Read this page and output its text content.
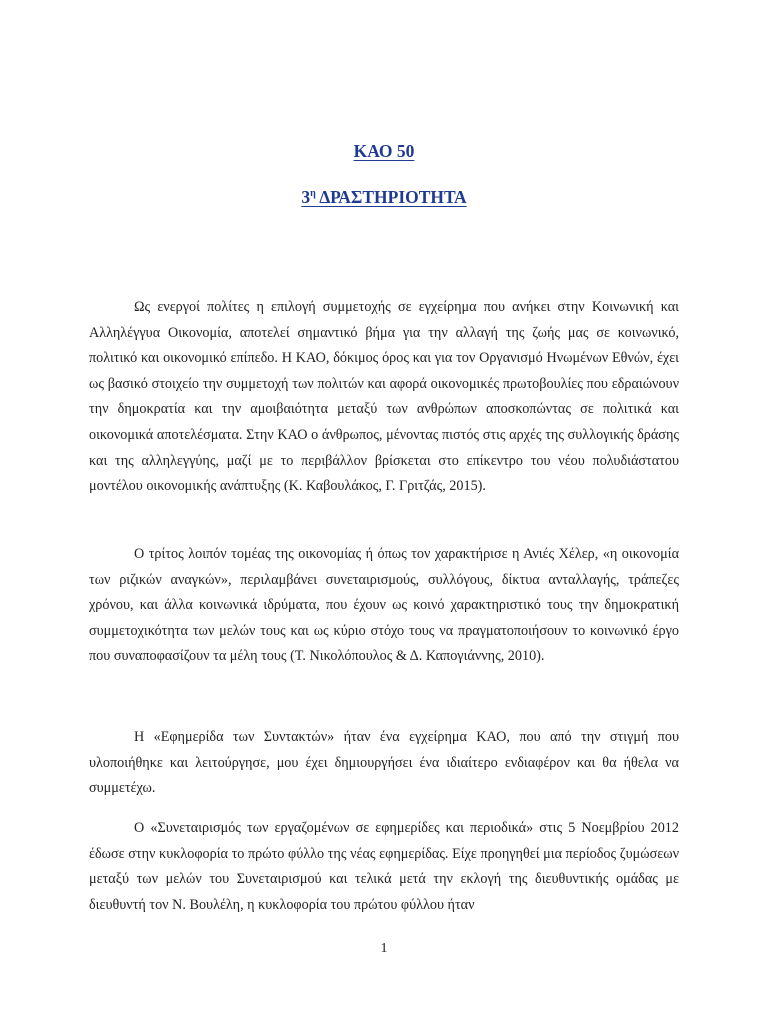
ΚΑΟ 50
$3^\eta$ ΔΡΑΣΤΗΡΙΟΤΗΤΑ

Ως ενεργοί πολίτες η επιλογή συμμετοχής σε εγχείρημα που ανήκει στην Κοινωνική και Αλληλέγγυα Οικονομία, αποτελεί σημαντικό βήμα για την αλλαγή της ζωής μας σε κοινωνικό, πολιτικό και οικονομικό επίπεδο. Η ΚΑΟ, δόκιμος όρος και για τον Οργανισμό Ηνωμένων Εθνών, έχει ως βασικό στοιχείο την συμμετοχή των πολιτών και αφορά οικονομικές πρωτοβουλίες που εδραιώνουν την δημοκρατία και την αμοιβαιότητα μεταξύ των ανθρώπων αποσκοπώντας σε πολιτικά και οικονομικά αποτελέσματα. Στην ΚΑΟ ο άνθρωπος, μένοντας πιστός στις αρχές της συλλογικής δράσης και της αλληλεγγύης, μαζί με το περιβάλλον βρίσκεται στο επίκεντρο του νέου πολυδιάστατου μοντέλου οικονομικής ανάπτυξης (Κ. Καβουλάκος, Γ. Γριτζάς, 2015).

Ο τρίτος λοιπόν τομέας της οικονομίας ή όπως τον χαρακτήρισε η Ανιές Χέλερ, «η οικονομία των ριζικών αναγκών», περιλαμβάνει συνεταιρισμούς, συλλόγους, δίκτυα ανταλλαγής, τράπεζες χρόνου, και άλλα κοινωνικά ιδρύματα, που έχουν ως κοινό χαρακτηριστικό τους την δημοκρατική συμμετοχικότητα των μελών τους και ως κύριο στόχο τους να πραγματοποιήσουν το κοινωνικό έργο που συναποφασίζουν τα μέλη τους (Τ. Νικολόπουλος & Δ. Καπογιάννης, 2010).

Η «Εφημερίδα των Συντακτών» ήταν ένα εγχείρημα ΚΑΟ, που από την στιγμή που υλοποιήθηκε και λειτούργησε, μου έχει δημιουργήσει ένα ιδιαίτερο ενδιαφέρον και θα ήθελα να συμμετέχω.

Ο «Συνεταιρισμός των εργαζομένων σε εφημερίδες και περιοδικά» στις 5 Νοεμβρίου 2012 έδωσε στην κυκλοφορία το πρώτο φύλλο της νέας εφημερίδας. Είχε προηγηθεί μια περίοδος ζυμώσεων μεταξύ των μελών του Συνεταιρισμού και τελικά μετά την εκλογή της διευθυντικής ομάδας με διευθυντή τον Ν. Βουλέλη, η κυκλοφορία του πρώτου φύλλου ήταν

1
